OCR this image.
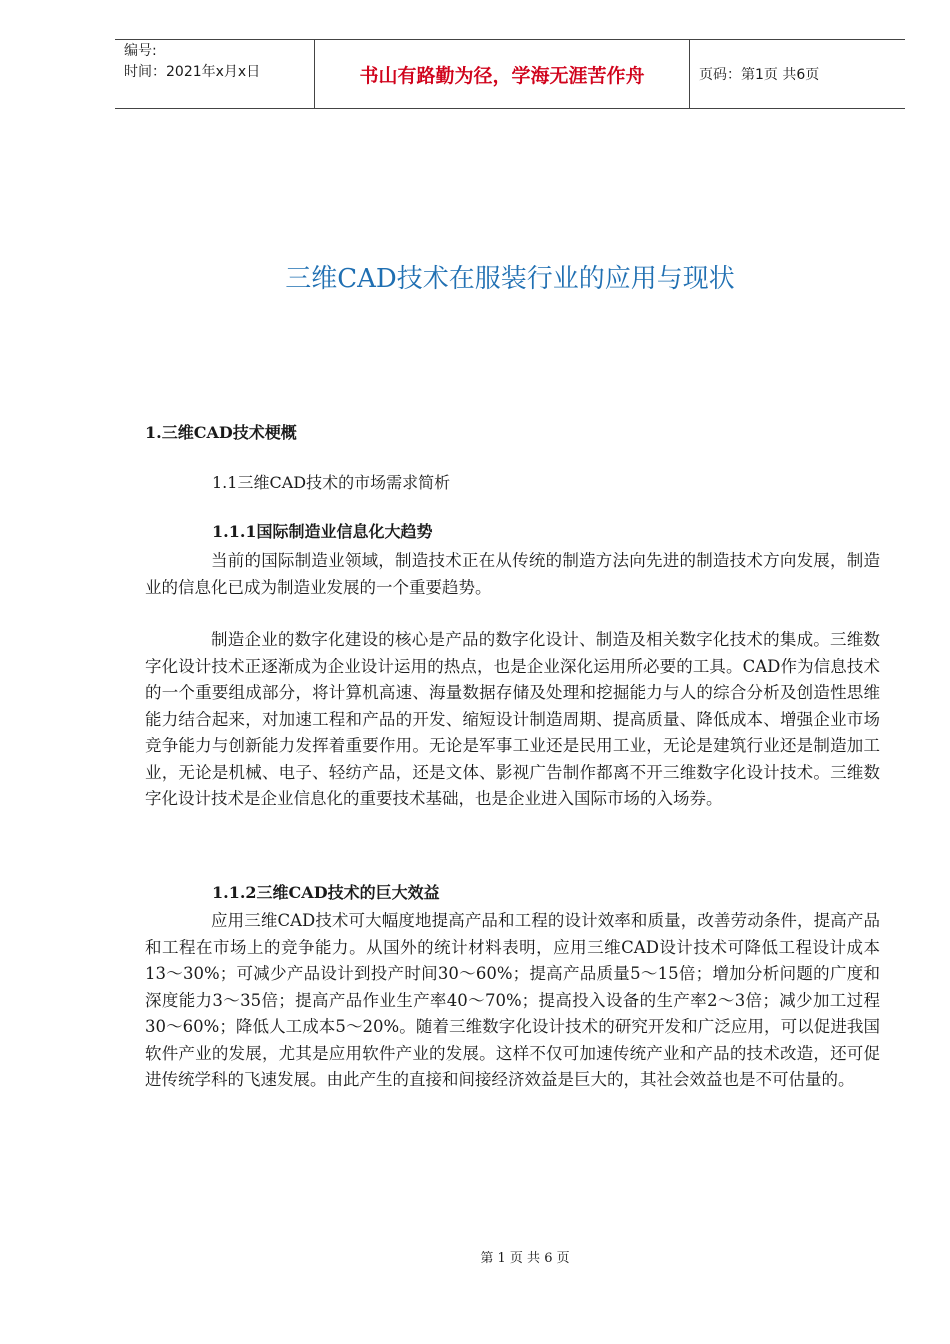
编号:
时间：2021年x月x日	书山有路勤为径，学海无涯苦作舟	页码：第1页 共6页
三维CAD技术在服装行业的应用与现状
1.三维CAD技术梗概
1.1三维CAD技术的市场需求简析
1.1.1国际制造业信息化大趋势

当前的国际制造业领域，制造技术正在从传统的制造方法向先进的制造技术方向发展，制造业的信息化已成为制造业发展的一个重要趋势。

制造企业的数字化建设的核心是产品的数字化设计、制造及相关数字化技术的集成。三维数字化设计技术正逐渐成为企业设计运用的热点，也是企业深化运用所必要的工具。CAD作为信息技术的一个重要组成部分，将计算机高速、海量数据存储及处理和挖掘能力与人的综合分析及创造性思维能力结合起来，对加速工程和产品的开发、缩短设计制造周期、提高质量、降低成本、增强企业市场竞争能力与创新能力发挥着重要作用。无论是军事工业还是民用工业，无论是建筑行业还是制造加工业，无论是机械、电子、轻纺产品，还是文体、影视广告制作都离不开三维数字化设计技术。三维数字化设计技术是企业信息化的重要技术基础，也是企业进入国际市场的入场券。

1.1.2三维CAD技术的巨大效益

应用三维CAD技术可大幅度地提高产品和工程的设计效率和质量，改善劳动条件，提高产品和工程在市场上的竞争能力。从国外的统计材料表明，应用三维CAD设计技术可降低工程设计成本13～30%；可减少产品设计到投产时间30～60%；提高产品质量5～15倍；增加分析问题的广度和深度能力3～35倍；提高产品作业生产率40～70%；提高投入设备的生产率2～3倍；减少加工过程30～60%；降低人工成本5～20%。随着三维数字化设计技术的研究开发和广泛应用，可以促进我国软件产业的发展，尤其是应用软件产业的发展。这样不仅可加速传统产业和产品的技术改造，还可促进传统学科的飞速发展。由此产生的直接和间接经济效益是巨大的，其社会效益也是不可估量的。

第 1 页 共 6 页
